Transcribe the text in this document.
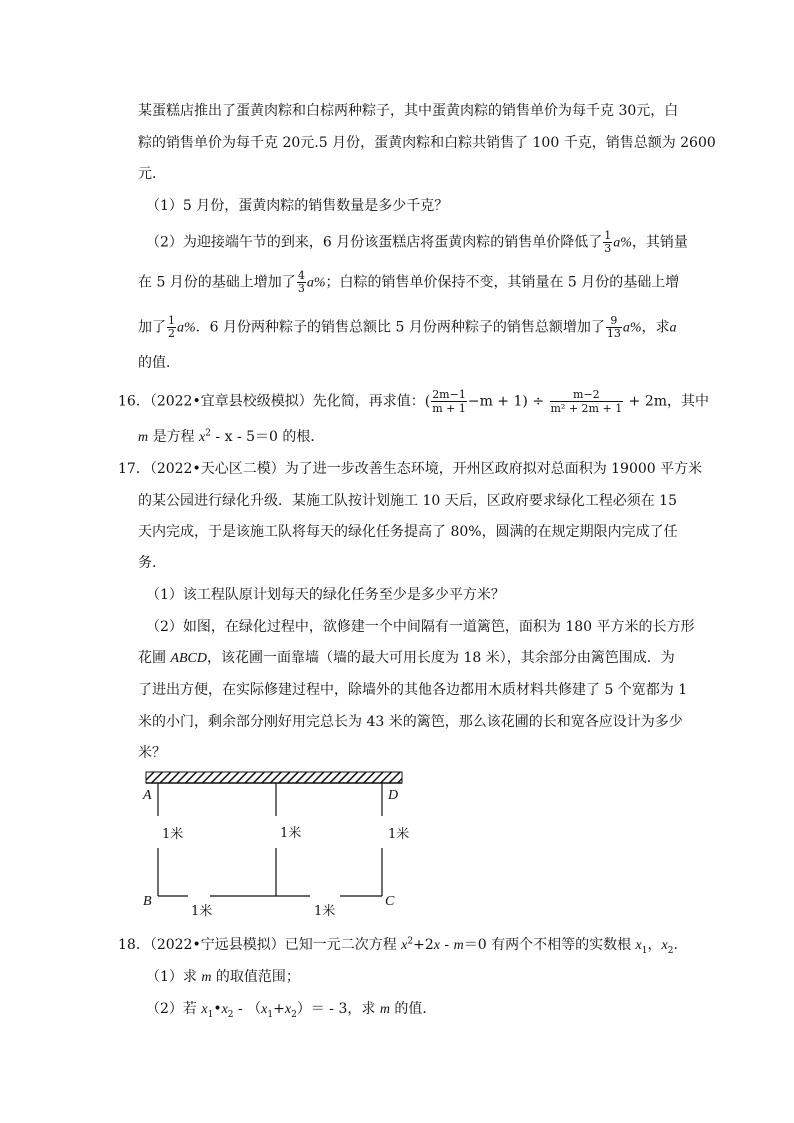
某蛋糕店推出了蛋黄肉粽和白棕两种粽子，其中蛋黄肉粽的销售单价为每千克 30元，白
粽的销售单价为每千克 20元.5 月份，蛋黄肉粽和白粽共销售了 100 千克，销售总额为 2600
元．
（1）5 月份，蛋黄肉粽的销售数量是多少千克？
（2）为迎接端午节的到来，6 月份该蛋糕店将蛋黄肉粽的销售单价降低了 $\frac{1}{3} a\%$，其销量
在 5 月份的基础上增加了 $\frac{4}{3} a\%$；白粽的销售单价保持不变，其销量在 5 月份的基础上增
加了 $\frac{1}{2} a\%$．6 月份两种粽子的销售总额比 5 月份两种粽子的销售总额增加了 $\frac{9}{13} a\%$，求a
的值．
16．（2022•宜章县校级模拟）先化简，再求值：( $\frac{2m-1}{m + 1} -m + 1) \div \frac{m-2}{\text{m² + 2m + 1}} + 2m$，其中
m 是方程 $x^2 - x - 5=0$ 的根．
17．（2022•天心区二模）为了进一步改善生态环境，开州区政府拟对总面积为 19000 平方米
的某公园进行绿化升级．某施工队按计划施工 10 天后，区政府要求绿化工程必须在 15
天内完成，于是该施工队将每天的绿化任务提高了 80%，圆满的在规定期限内完成了任
务．
（1）该工程队原计划每天的绿化任务至少是多少平方米？
（2）如图，在绿化过程中，欲修建一个中间隔有一道篱笆，面积为 180 平方米的长方形
花圃 ABCD，该花圃一面靠墙（墙的最大可用长度为 18 米），其余部分由篱笆围成．为
了进出方便，在实际修建过程中，除墙外的其他各边都用木质材料共修建了 5 个宽都为 1
米的小门，剩余部分刚好用完总长为 43 米的篱笆，那么该花圃的长和宽各应设计为多少
米？
A
B	C
D
1米	1米	1米
1米	1米
18．（2022•宁远县模拟）已知一元二次方程 $x^2+2x - m=0$ 有两个不相等的实数根 $x_1$，$x_2$．
（1）求 m 的取值范围；
（2）若 $x_1•x_2 - (x_1+x_2)= - 3$，求 m 的值．
